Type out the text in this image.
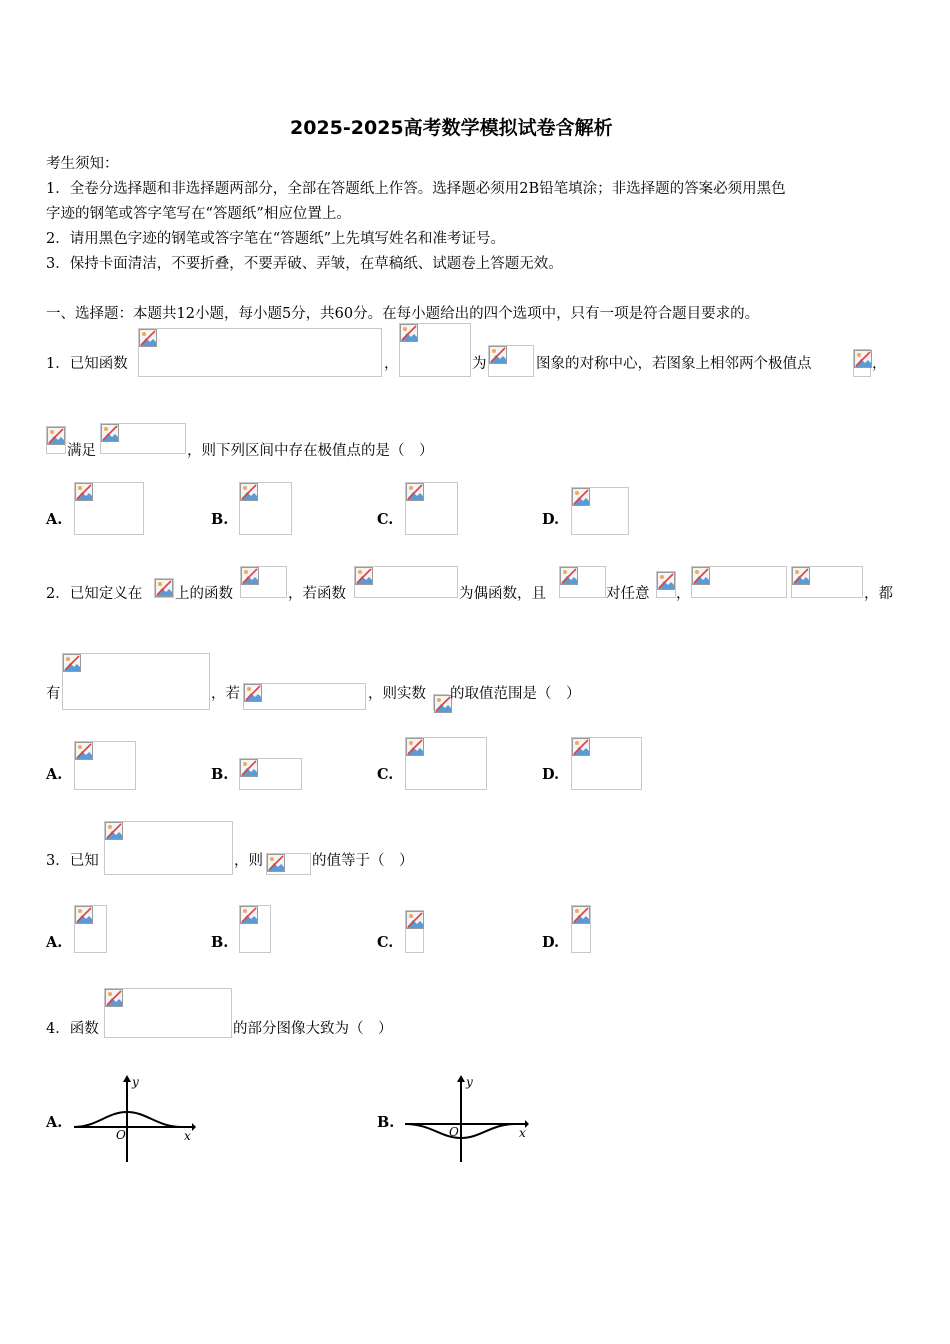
2025-2025高考数学模拟试卷含解析
考生须知：
1．全卷分选择题和非选择题两部分，全部在答题纸上作答。选择题必须用2B铅笔填涂；非选择题的答案必须用黑色
字迹的钢笔或答字笔写在“答题纸”相应位置上。
2．请用黑色字迹的钢笔或答字笔在“答题纸”上先填写姓名和准考证号。
3．保持卡面清洁，不要折叠，不要弄破、弄皱，在草稿纸、试题卷上答题无效。
一、选择题：本题共12小题，每小题5分，共60分。在每小题给出的四个选项中，只有一项是符合题目要求的。
1．已知函数	，	为	图象的对称中心，若图象上相邻两个极值点	，
满足	，则下列区间中存在极值点的是（　）
A.	B.	C.	D.
2．已知定义在 上的函数	，若函数	为偶函数，且	对任意 ，	，都
有	，若	，则实数 的取值范围是（　）
A.	B.	C.	D.
3．已知	，则	的值等于（　）
A.	B.	C.	D.
4．函数	的部分图像大致为（　）
A.
y
x
O
B.
y
x
O
